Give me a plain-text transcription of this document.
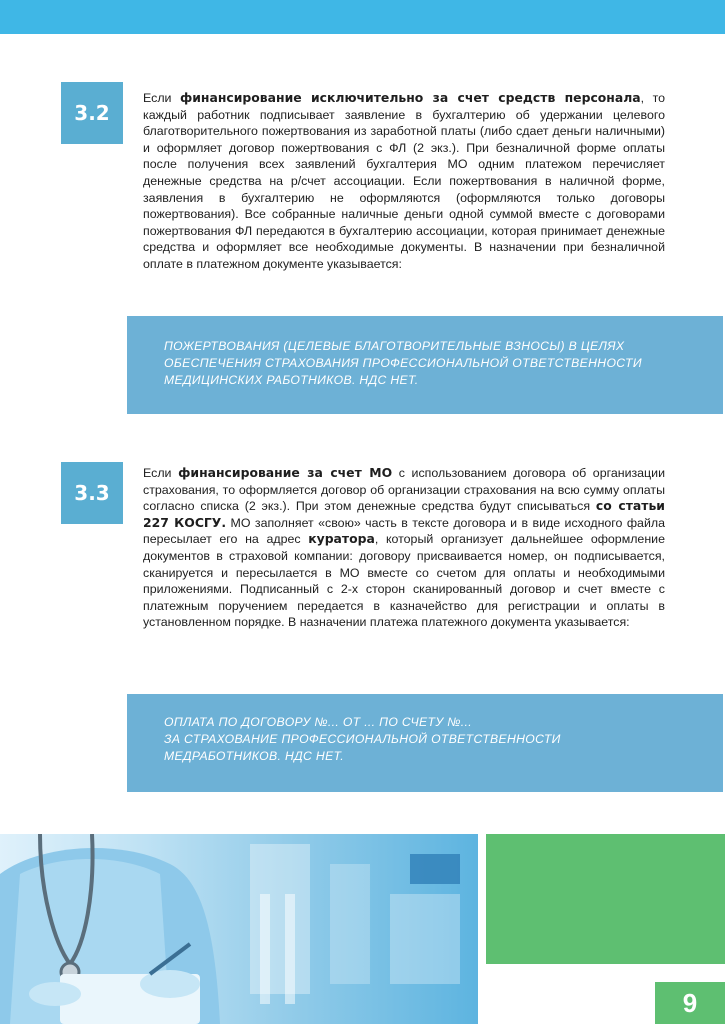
3.2

Если финансирование исключительно за счет средств персонала, то каждый работник подписывает заявление в бухгалтерию об удержании целевого благотворительного пожертвования из заработной платы (либо сдает деньги наличными) и оформляет договор пожертвования с ФЛ (2 экз.). При безналичной форме оплаты после получения всех заявлений бухгалтерия МО одним платежом перечисляет денежные средства на р/счет ассоциации. Если пожертвования в наличной форме, заявления в бухгалтерию не оформляются (оформляются только договоры пожертвования). Все собранные наличные деньги одной суммой вместе с договорами пожертвования ФЛ передаются в бухгалтерию ассоциации, которая принимает денежные средства и оформляет все необходимые документы. В назначении при безналичной оплате в платежном документе указывается:

ПОЖЕРТВОВАНИЯ (ЦЕЛЕВЫЕ БЛАГОТВОРИТЕЛЬНЫЕ ВЗНОСЫ) В ЦЕЛЯХ
ОБЕСПЕЧЕНИЯ СТРАХОВАНИЯ ПРОФЕССИОНАЛЬНОЙ ОТВЕТСТВЕННОСТИ
МЕДИЦИНСКИХ РАБОТНИКОВ. НДС НЕТ.
3.3

Если финансирование за счет МО с использованием договора об организации страхования, то оформляется договор об организации страхования на всю сумму оплаты согласно списка (2 экз.). При этом денежные средства будут списываться со статьи 227 КОСГУ. МО заполняет «свою» часть в тексте договора и в виде исходного файла пересылает его на адрес куратора, который организует дальнейшее оформление документов в страховой компании: договору присваивается номер, он подписывается, сканируется и пересылается в МО вместе со счетом для оплаты и необходимыми приложениями. Подписанный с 2-х сторон сканированный договор и счет вместе с платежным поручением передается в казначейство для регистрации и оплаты в установленном порядке. В назначении платежа платежного документа указывается:

ОПЛАТА ПО ДОГОВОРУ №... ОТ ... ПО СЧЕТУ №...
ЗА СТРАХОВАНИЕ ПРОФЕССИОНАЛЬНОЙ ОТВЕТСТВЕННОСТИ
МЕДРАБОТНИКОВ. НДС НЕТ.
9
